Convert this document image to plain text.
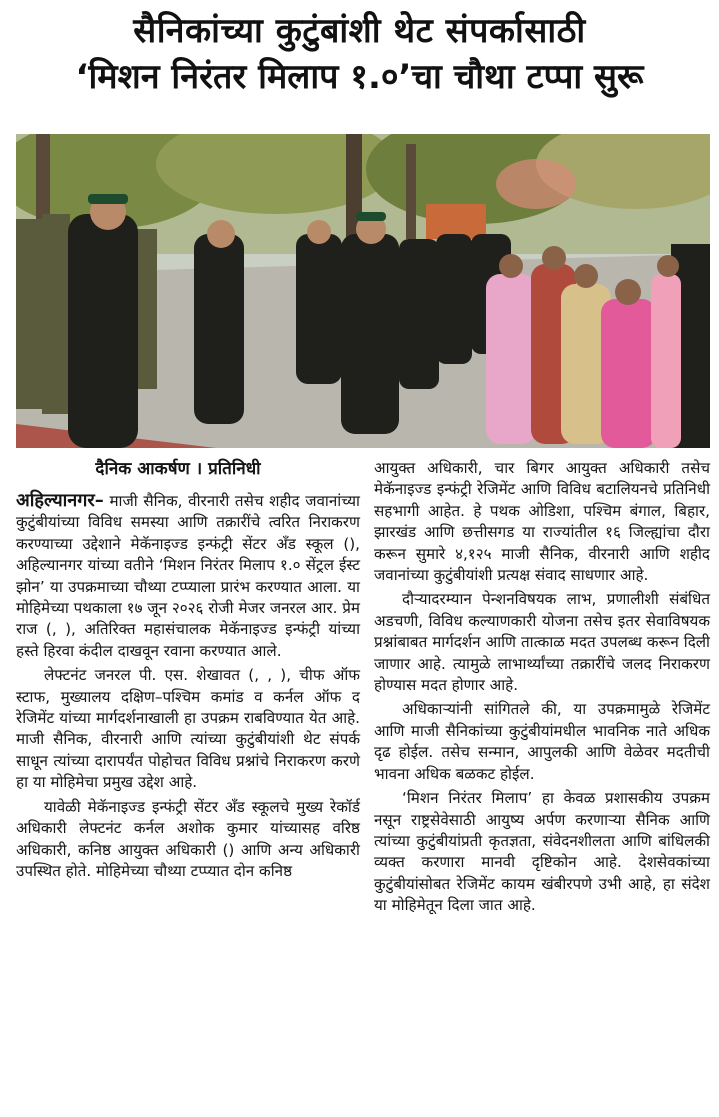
सैनिकांच्या कुटुंबांशी थेट संपर्कासाठी
‘मिशन निरंतर मिलाप १.०’चा चौथा टप्पा सुरू
दैनिक आकर्षण । प्रतिनिधी

अहिल्यानगर– माजी सैनिक, वीरनारी तसेच शहीद जवानांच्या कुटुंबीयांच्या विविध समस्या आणि तक्रारींचे त्वरित निराकरण करण्याच्या उद्देशाने मेकॅनाइज्ड इन्फंट्री सेंटर अँड स्कूल (), अहिल्यानगर यांच्या वतीने ‘मिशन निरंतर मिलाप १.० सेंट्रल ईस्ट झोन’ या उपक्रमाच्या चौथ्या टप्प्याला प्रारंभ करण्यात आला. या मोहिमेच्या पथकाला १७ जून २०२६ रोजी मेजर जनरल आर. प्रेम राज (, ), अतिरिक्त महासंचालक मेकॅनाइज्ड इन्फंट्री यांच्या हस्ते हिरवा कंदील दाखवून रवाना करण्यात आले.

लेफ्टनंट जनरल पी. एस. शेखावत (, , ), चीफ ऑफ स्टाफ, मुख्यालय दक्षिण–पश्चिम कमांड व कर्नल ऑफ द रेजिमेंट यांच्या मार्गदर्शनाखाली हा उपक्रम राबविण्यात येत आहे. माजी सैनिक, वीरनारी आणि त्यांच्या कुटुंबीयांशी थेट संपर्क साधून त्यांच्या दारापर्यंत पोहोचत विविध प्रश्नांचे निराकरण करणे हा या मोहिमेचा प्रमुख उद्देश आहे.

यावेळी मेकॅनाइज्ड इन्फंट्री सेंटर अँड स्कूलचे मुख्य रेकॉर्ड अधिकारी लेफ्टनंट कर्नल अशोक कुमार यांच्यासह वरिष्ठ अधिकारी, कनिष्ठ आयुक्त अधिकारी () आणि अन्य अधिकारी उपस्थित होते. मोहिमेच्या चौथ्या टप्प्यात दोन कनिष्ठ

आयुक्त अधिकारी, चार बिगर आयुक्त अधिकारी तसेच मेकॅनाइज्ड इन्फंट्री रेजिमेंट आणि विविध बटालियनचे प्रतिनिधी सहभागी आहेत. हे पथक ओडिशा, पश्चिम बंगाल, बिहार, झारखंड आणि छत्तीसगड या राज्यांतील १६ जिल्ह्यांचा दौरा करून सुमारे ४,१२५ माजी सैनिक, वीरनारी आणि शहीद जवानांच्या कुटुंबीयांशी प्रत्यक्ष संवाद साधणार आहे.

दौऱ्यादरम्यान पेन्शनविषयक लाभ, प्रणालीशी संबंधित अडचणी, विविध कल्याणकारी योजना तसेच इतर सेवाविषयक प्रश्नांबाबत मार्गदर्शन आणि तात्काळ मदत उपलब्ध करून दिली जाणार आहे. त्यामुळे लाभार्थ्यांच्या तक्रारींचे जलद निराकरण होण्यास मदत होणार आहे.

अधिकाऱ्यांनी सांगितले की, या उपक्रमामुळे रेजिमेंट आणि माजी सैनिकांच्या कुटुंबीयांमधील भावनिक नाते अधिक दृढ होईल. तसेच सन्मान, आपुलकी आणि वेळेवर मदतीची भावना अधिक बळकट होईल.

‘मिशन निरंतर मिलाप’ हा केवळ प्रशासकीय उपक्रम नसून राष्ट्रसेवेसाठी आयुष्य अर्पण करणाऱ्या सैनिक आणि त्यांच्या कुटुंबीयांप्रती कृतज्ञता, संवेदनशीलता आणि बांधिलकी व्यक्त करणारा मानवी दृष्टिकोन आहे. देशसेवकांच्या कुटुंबीयांसोबत रेजिमेंट कायम खंबीरपणे उभी आहे, हा संदेश या मोहिमेतून दिला जात आहे.
